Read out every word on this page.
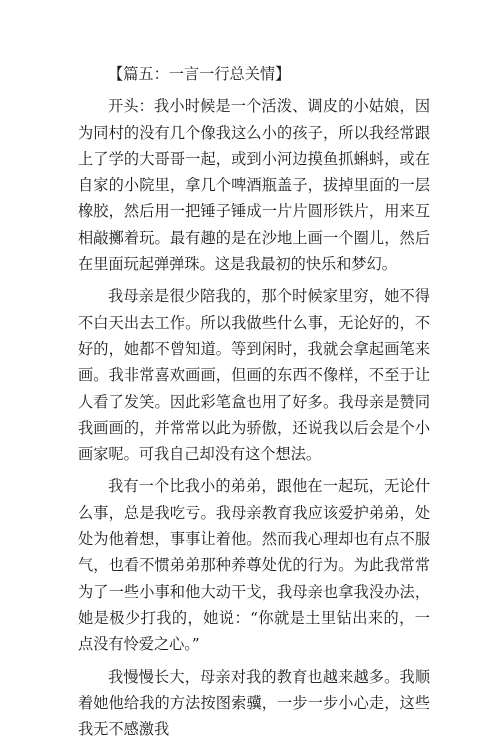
【篇五：一言一行总关情】

开头：我小时候是一个活泼、调皮的小姑娘，因为同村的没有几个像我这么小的孩子，所以我经常跟上了学的大哥哥一起，或到小河边摸鱼抓蝌蚪，或在自家的小院里，拿几个啤酒瓶盖子，拔掉里面的一层橡胶，然后用一把锤子锤成一片片圆形铁片，用来互相敲擲着玩。最有趣的是在沙地上画一个圈儿，然后在里面玩起弹弹珠。这是我最初的快乐和梦幻。

我母亲是很少陪我的，那个时候家里穷，她不得不白天出去工作。所以我做些什么事，无论好的，不好的，她都不曾知道。等到闲时，我就会拿起画笔来画。我非常喜欢画画，但画的东西不像样，不至于让人看了发笑。因此彩笔盒也用了好多。我母亲是赞同我画画的，并常常以此为骄傲，还说我以后会是个小画家呢。可我自己却没有这个想法。

我有一个比我小的弟弟，跟他在一起玩，无论什么事，总是我吃亏。我母亲教育我应该爱护弟弟，处处为他着想，事事让着他。然而我心理却也有点不服气，也看不惯弟弟那种养尊处优的行为。为此我常常为了一些小事和他大动干戈，我母亲也拿我没办法，她是极少打我的，她说：“你就是土里钻出来的，一点没有怜爱之心。”

我慢慢长大，母亲对我的教育也越来越多。我顺着她他给我的方法按图索骥，一步一步小心走，这些我无不感激我
